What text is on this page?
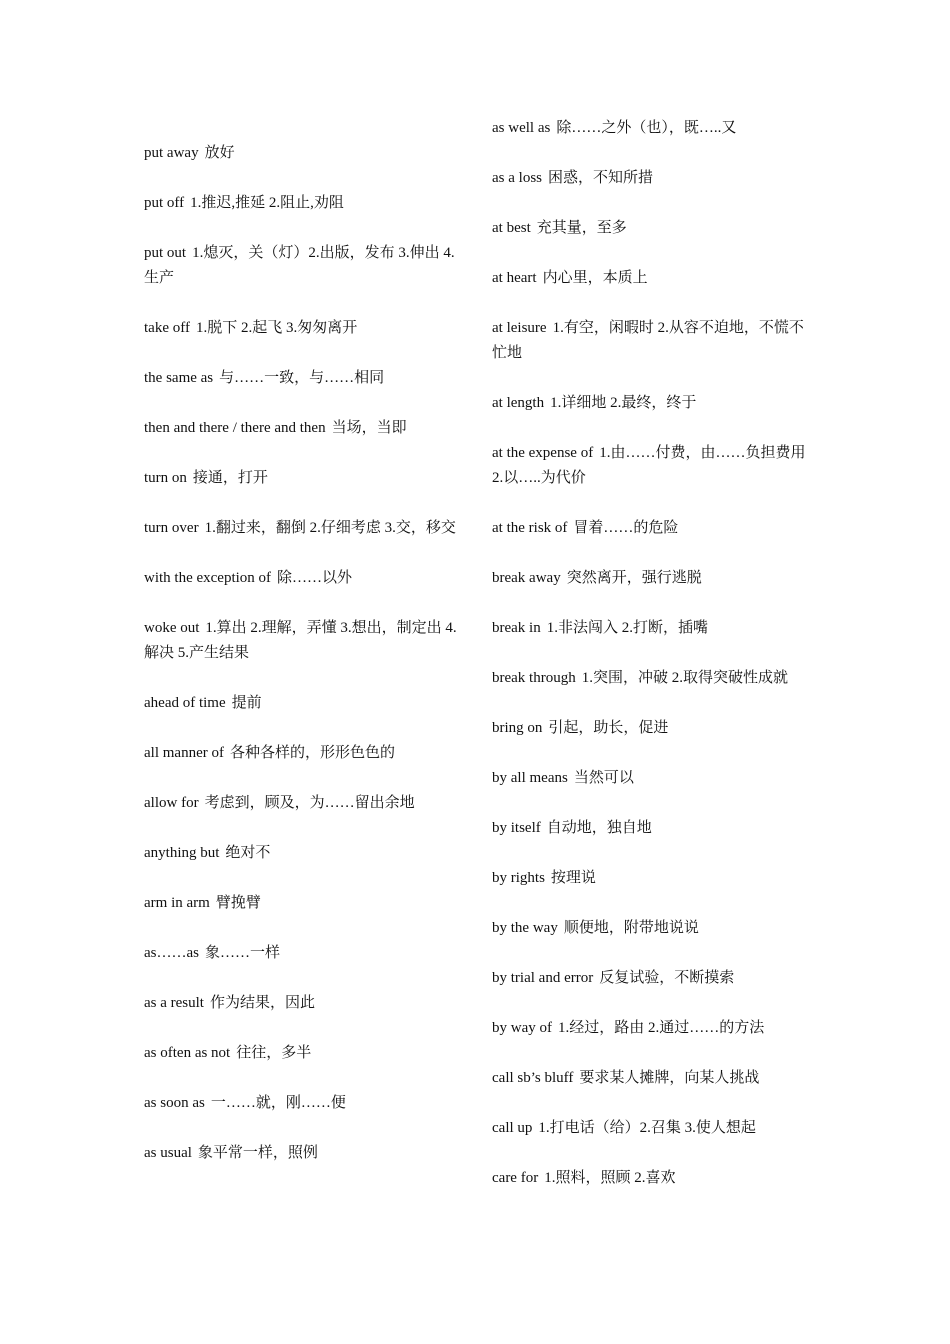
put away 放好

put off 1.推迟,推延 2.阻止,劝阻

put out 1.熄灭，关（灯）2.出版，发布 3.伸出 4.生产

take off 1.脱下 2.起飞 3.匆匆离开

the same as 与……一致，与……相同

then and there / there and then 当场，当即

turn on 接通，打开

turn over 1.翻过来，翻倒 2.仔细考虑 3.交，移交

with the exception of 除……以外

woke out 1.算出 2.理解，弄懂 3.想出，制定出 4.解决 5.产生结果

ahead of time 提前

all manner of 各种各样的，形形色色的

allow for 考虑到，顾及，为……留出余地

anything but 绝对不

arm in arm 臂挽臂

as……as 象……一样

as a result 作为结果，因此

as often as not 往往，多半

as soon as 一……就，刚……便

as usual 象平常一样，照例

as well as 除……之外（也），既…..又

as a loss 困惑，不知所措

at best 充其量，至多

at heart 内心里，本质上

at leisure 1.有空，闲暇时 2.从容不迫地，不慌不忙地

at length 1.详细地 2.最终，终于

at the expense of 1.由……付费，由……负担费用 2.以…..为代价

at the risk of 冒着……的危险

break away 突然离开，强行逃脱

break in 1.非法闯入 2.打断，插嘴

break through 1.突围，冲破 2.取得突破性成就

bring on 引起，助长，促进

by all means 当然可以

by itself 自动地，独自地

by rights 按理说

by the way 顺便地，附带地说说

by trial and error 反复试验，不断摸索

by way of 1.经过，路由 2.通过……的方法

call sb’s bluff 要求某人摊牌，向某人挑战

call up 1.打电话（给）2.召集 3.使人想起

care for 1.照料，照顾 2.喜欢
